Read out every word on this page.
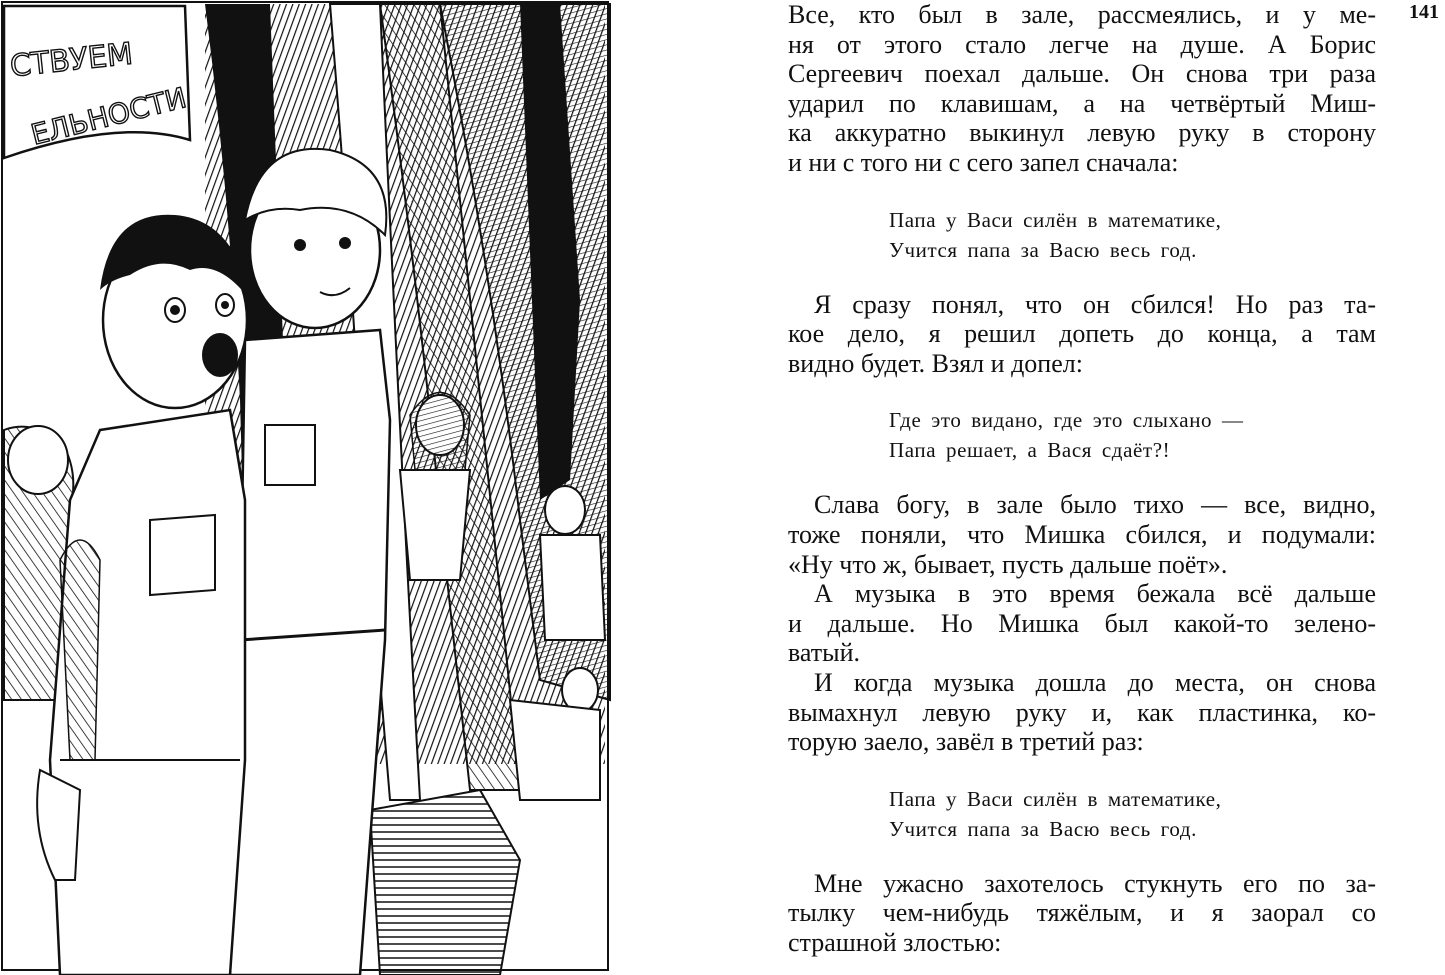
СТВУЕМ
ЕЛЬНОСТИ
141
Все, кто был в зале, рассмеялись, и у ме-
ня от этого стало легче на душе. А Борис
Сергеевич поехал дальше. Он снова три раза
ударил по клавишам, а на четвёртый Миш-
ка аккуратно выкинул левую руку в сторону
и ни с того ни с сего запел сначала:
Папа у Васи силён в математике,
Учится папа за Васю весь год.
Я сразу понял, что он сбился! Но раз та-
кое дело, я решил допеть до конца, а там
видно будет. Взял и допел:
Где это видано, где это слыхано —
Папа решает, а Вася сдаёт?!
Слава богу, в зале было тихо — все, видно,
тоже поняли, что Мишка сбился, и подумали:
«Ну что ж, бывает, пусть дальше поёт».
А музыка в это время бежала всё дальше
и дальше. Но Мишка был какой-то зелено-
ватый.
И когда музыка дошла до места, он снова
вымахнул левую руку и, как пластинка, ко-
торую заело, завёл в третий раз:
Папа у Васи силён в математике,
Учится папа за Васю весь год.
Мне ужасно захотелось стукнуть его по за-
тылку чем-нибудь тяжёлым, и я заорал со
страшной злостью:
